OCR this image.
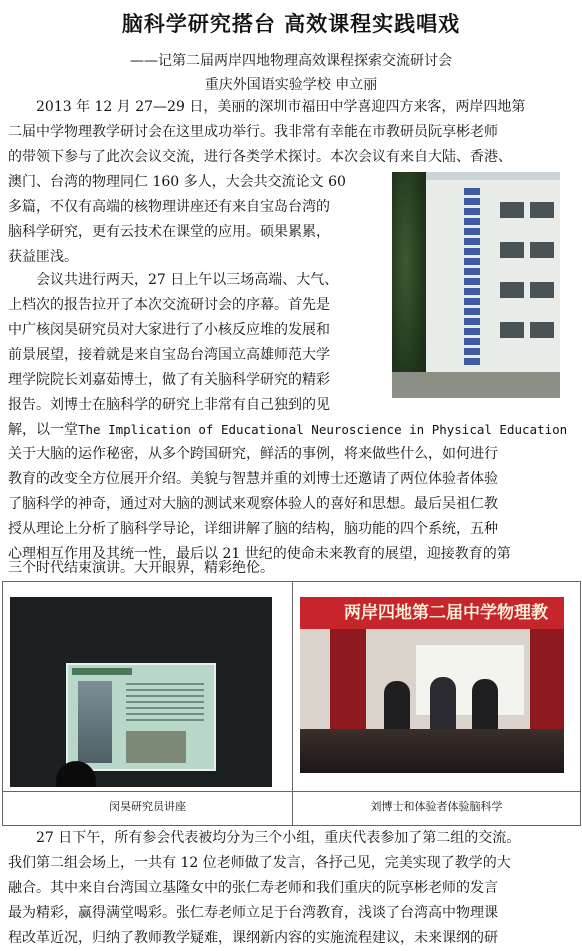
脑科学研究搭台 高效课程实践唱戏
——记第二届两岸四地物理高效课程探索交流研讨会
重庆外国语实验学校 申立丽
2013 年 12 月 27—29 日，美丽的深圳市福田中学喜迎四方来客，两岸四地第
二届中学物理教学研讨会在这里成功举行。我非常有幸能在市教研员阮享彬老师
的带领下参与了此次会议交流，进行各类学术探讨。本次会议有来自大陆、香港、
澳门、台湾的物理同仁 160 多人，大会共交流论文 60
多篇，不仅有高端的核物理讲座还有来自宝岛台湾的
脑科学研究，更有云技术在课堂的应用。硕果累累，
获益匪浅。
会议共进行两天，27 日上午以三场高端、大气、
上档次的报告拉开了本次交流研讨会的序幕。首先是
中广核闵昊研究员对大家进行了小核反应堆的发展和
前景展望，接着就是来自宝岛台湾国立高雄师范大学
理学院院长刘嘉茹博士，做了有关脑科学研究的精彩
报告。刘博士在脑科学的研究上非常有自己独到的见
解，以一堂The Implication of Educational Neuroscience in Physical Education
关于大脑的运作秘密，从多个跨国研究，鲜活的事例，将来做些什么，如何进行
教育的改变全方位展开介绍。美貌与智慧并重的刘博士还邀请了两位体验者体验
了脑科学的神奇，通过对大脑的测试来观察体验人的喜好和思想。最后吴祖仁教
授从理论上分析了脑科学导论，详细讲解了脑的结构，脑功能的四个系统，五种
心理相互作用及其统一性，最后以 21 世纪的使命未来教育的展望，迎接教育的第
三个时代结束演讲。大开眼界，精彩绝伦。
两岸四地第二届中学物理教
闵昊研究员讲座	刘博士和体验者体验脑科学
27 日下午，所有参会代表被均分为三个小组，重庆代表参加了第二组的交流。
我们第二组会场上，一共有 12 位老师做了发言，各抒己见，完美实现了教学的大
融合。其中来自台湾国立基隆女中的张仁寿老师和我们重庆的阮享彬老师的发言
最为精彩，赢得满堂喝彩。张仁寿老师立足于台湾教育，浅谈了台湾高中物理课
程改革近况，归纳了教师教学疑难，课纲新内容的实施流程建议，未来课纲的研
